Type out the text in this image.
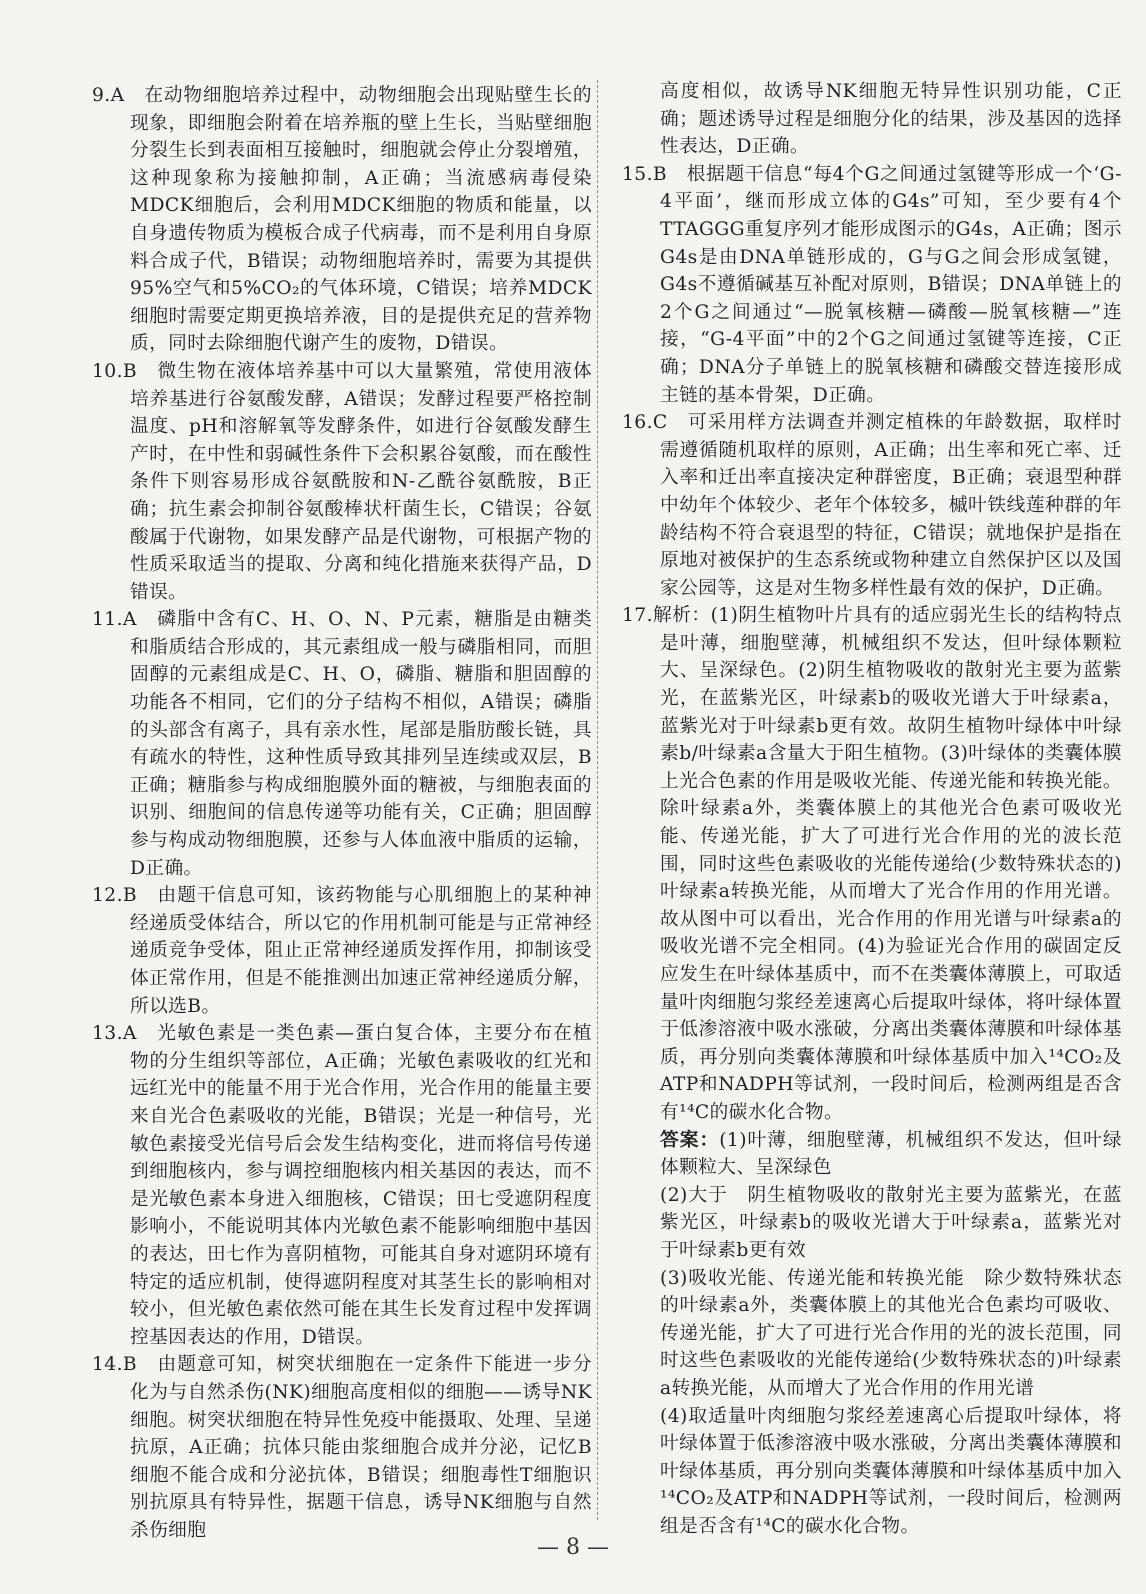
9.A　在动物细胞培养过程中，动物细胞会出现贴壁生长的现象，即细胞会附着在培养瓶的壁上生长，当贴壁细胞分裂生长到表面相互接触时，细胞就会停止分裂增殖，这种现象称为接触抑制，A正确；当流感病毒侵染MDCK细胞后，会利用MDCK细胞的物质和能量，以自身遗传物质为模板合成子代病毒，而不是利用自身原料合成子代，B错误；动物细胞培养时，需要为其提供95%空气和5%CO₂的气体环境，C错误；培养MDCK细胞时需要定期更换培养液，目的是提供充足的营养物质，同时去除细胞代谢产生的废物，D错误。

10.B　微生物在液体培养基中可以大量繁殖，常使用液体培养基进行谷氨酸发酵，A错误；发酵过程要严格控制温度、pH和溶解氧等发酵条件，如进行谷氨酸发酵生产时，在中性和弱碱性条件下会积累谷氨酸，而在酸性条件下则容易形成谷氨酰胺和N-乙酰谷氨酰胺，B正确；抗生素会抑制谷氨酸棒状杆菌生长，C错误；谷氨酸属于代谢物，如果发酵产品是代谢物，可根据产物的性质采取适当的提取、分离和纯化措施来获得产品，D错误。

11.A　磷脂中含有C、H、O、N、P元素，糖脂是由糖类和脂质结合形成的，其元素组成一般与磷脂相同，而胆固醇的元素组成是C、H、O，磷脂、糖脂和胆固醇的功能各不相同，它们的分子结构不相似，A错误；磷脂的头部含有离子，具有亲水性，尾部是脂肪酸长链，具有疏水的特性，这种性质导致其排列呈连续或双层，B正确；糖脂参与构成细胞膜外面的糖被，与细胞表面的识别、细胞间的信息传递等功能有关，C正确；胆固醇参与构成动物细胞膜，还参与人体血液中脂质的运输，D正确。

12.B　由题干信息可知，该药物能与心肌细胞上的某种神经递质受体结合，所以它的作用机制可能是与正常神经递质竞争受体，阻止正常神经递质发挥作用，抑制该受体正常作用，但是不能推测出加速正常神经递质分解，所以选B。

13.A　光敏色素是一类色素—蛋白复合体，主要分布在植物的分生组织等部位，A正确；光敏色素吸收的红光和远红光中的能量不用于光合作用，光合作用的能量主要来自光合色素吸收的光能，B错误；光是一种信号，光敏色素接受光信号后会发生结构变化，进而将信号传递到细胞核内，参与调控细胞核内相关基因的表达，而不是光敏色素本身进入细胞核，C错误；田七受遮阴程度影响小，不能说明其体内光敏色素不能影响细胞中基因的表达，田七作为喜阴植物，可能其自身对遮阴环境有特定的适应机制，使得遮阴程度对其茎生长的影响相对较小，但光敏色素依然可能在其生长发育过程中发挥调控基因表达的作用，D错误。

14.B　由题意可知，树突状细胞在一定条件下能进一步分化为与自然杀伤(NK)细胞高度相似的细胞——诱导NK细胞。树突状细胞在特异性免疫中能摄取、处理、呈递抗原，A正确；抗体只能由浆细胞合成并分泌，记忆B细胞不能合成和分泌抗体，B错误；细胞毒性T细胞识别抗原具有特异性，据题干信息，诱导NK细胞与自然杀伤细胞

高度相似，故诱导NK细胞无特异性识别功能，C正确；题述诱导过程是细胞分化的结果，涉及基因的选择性表达，D正确。

15.B　根据题干信息“每4个G之间通过氢键等形成一个‘G-4平面’，继而形成立体的G4s”可知，至少要有4个TTAGGG重复序列才能形成图示的G4s，A正确；图示G4s是由DNA单链形成的，G与G之间会形成氢键，G4s不遵循碱基互补配对原则，B错误；DNA单链上的2个G之间通过“—脱氧核糖—磷酸—脱氧核糖—”连接，“G-4平面”中的2个G之间通过氢键等连接，C正确；DNA分子单链上的脱氧核糖和磷酸交替连接形成主链的基本骨架，D正确。

16.C　可采用样方法调查并测定植株的年龄数据，取样时需遵循随机取样的原则，A正确；出生率和死亡率、迁入率和迁出率直接决定种群密度，B正确；衰退型种群中幼年个体较少、老年个体较多，槭叶铁线莲种群的年龄结构不符合衰退型的特征，C错误；就地保护是指在原地对被保护的生态系统或物种建立自然保护区以及国家公园等，这是对生物多样性最有效的保护，D正确。

17.解析：(1)阴生植物叶片具有的适应弱光生长的结构特点是叶薄，细胞壁薄，机械组织不发达，但叶绿体颗粒大、呈深绿色。(2)阴生植物吸收的散射光主要为蓝紫光，在蓝紫光区，叶绿素b的吸收光谱大于叶绿素a，蓝紫光对于叶绿素b更有效。故阴生植物叶绿体中叶绿素b/叶绿素a含量大于阳生植物。(3)叶绿体的类囊体膜上光合色素的作用是吸收光能、传递光能和转换光能。除叶绿素a外，类囊体膜上的其他光合色素可吸收光能、传递光能，扩大了可进行光合作用的光的波长范围，同时这些色素吸收的光能传递给(少数特殊状态的)叶绿素a转换光能，从而增大了光合作用的作用光谱。故从图中可以看出，光合作用的作用光谱与叶绿素a的吸收光谱不完全相同。(4)为验证光合作用的碳固定反应发生在叶绿体基质中，而不在类囊体薄膜上，可取适量叶肉细胞匀浆经差速离心后提取叶绿体，将叶绿体置于低渗溶液中吸水涨破，分离出类囊体薄膜和叶绿体基质，再分别向类囊体薄膜和叶绿体基质中加入¹⁴CO₂及ATP和NADPH等试剂，一段时间后，检测两组是否含有¹⁴C的碳水化合物。

答案：(1)叶薄，细胞壁薄，机械组织不发达，但叶绿体颗粒大、呈深绿色

(2)大于　阴生植物吸收的散射光主要为蓝紫光，在蓝紫光区，叶绿素b的吸收光谱大于叶绿素a，蓝紫光对于叶绿素b更有效

(3)吸收光能、传递光能和转换光能　除少数特殊状态的叶绿素a外，类囊体膜上的其他光合色素均可吸收、传递光能，扩大了可进行光合作用的光的波长范围，同时这些色素吸收的光能传递给(少数特殊状态的)叶绿素a转换光能，从而增大了光合作用的作用光谱

(4)取适量叶肉细胞匀浆经差速离心后提取叶绿体，将叶绿体置于低渗溶液中吸水涨破，分离出类囊体薄膜和叶绿体基质，再分别向类囊体薄膜和叶绿体基质中加入¹⁴CO₂及ATP和NADPH等试剂，一段时间后，检测两组是否含有¹⁴C的碳水化合物。

— 8 —
